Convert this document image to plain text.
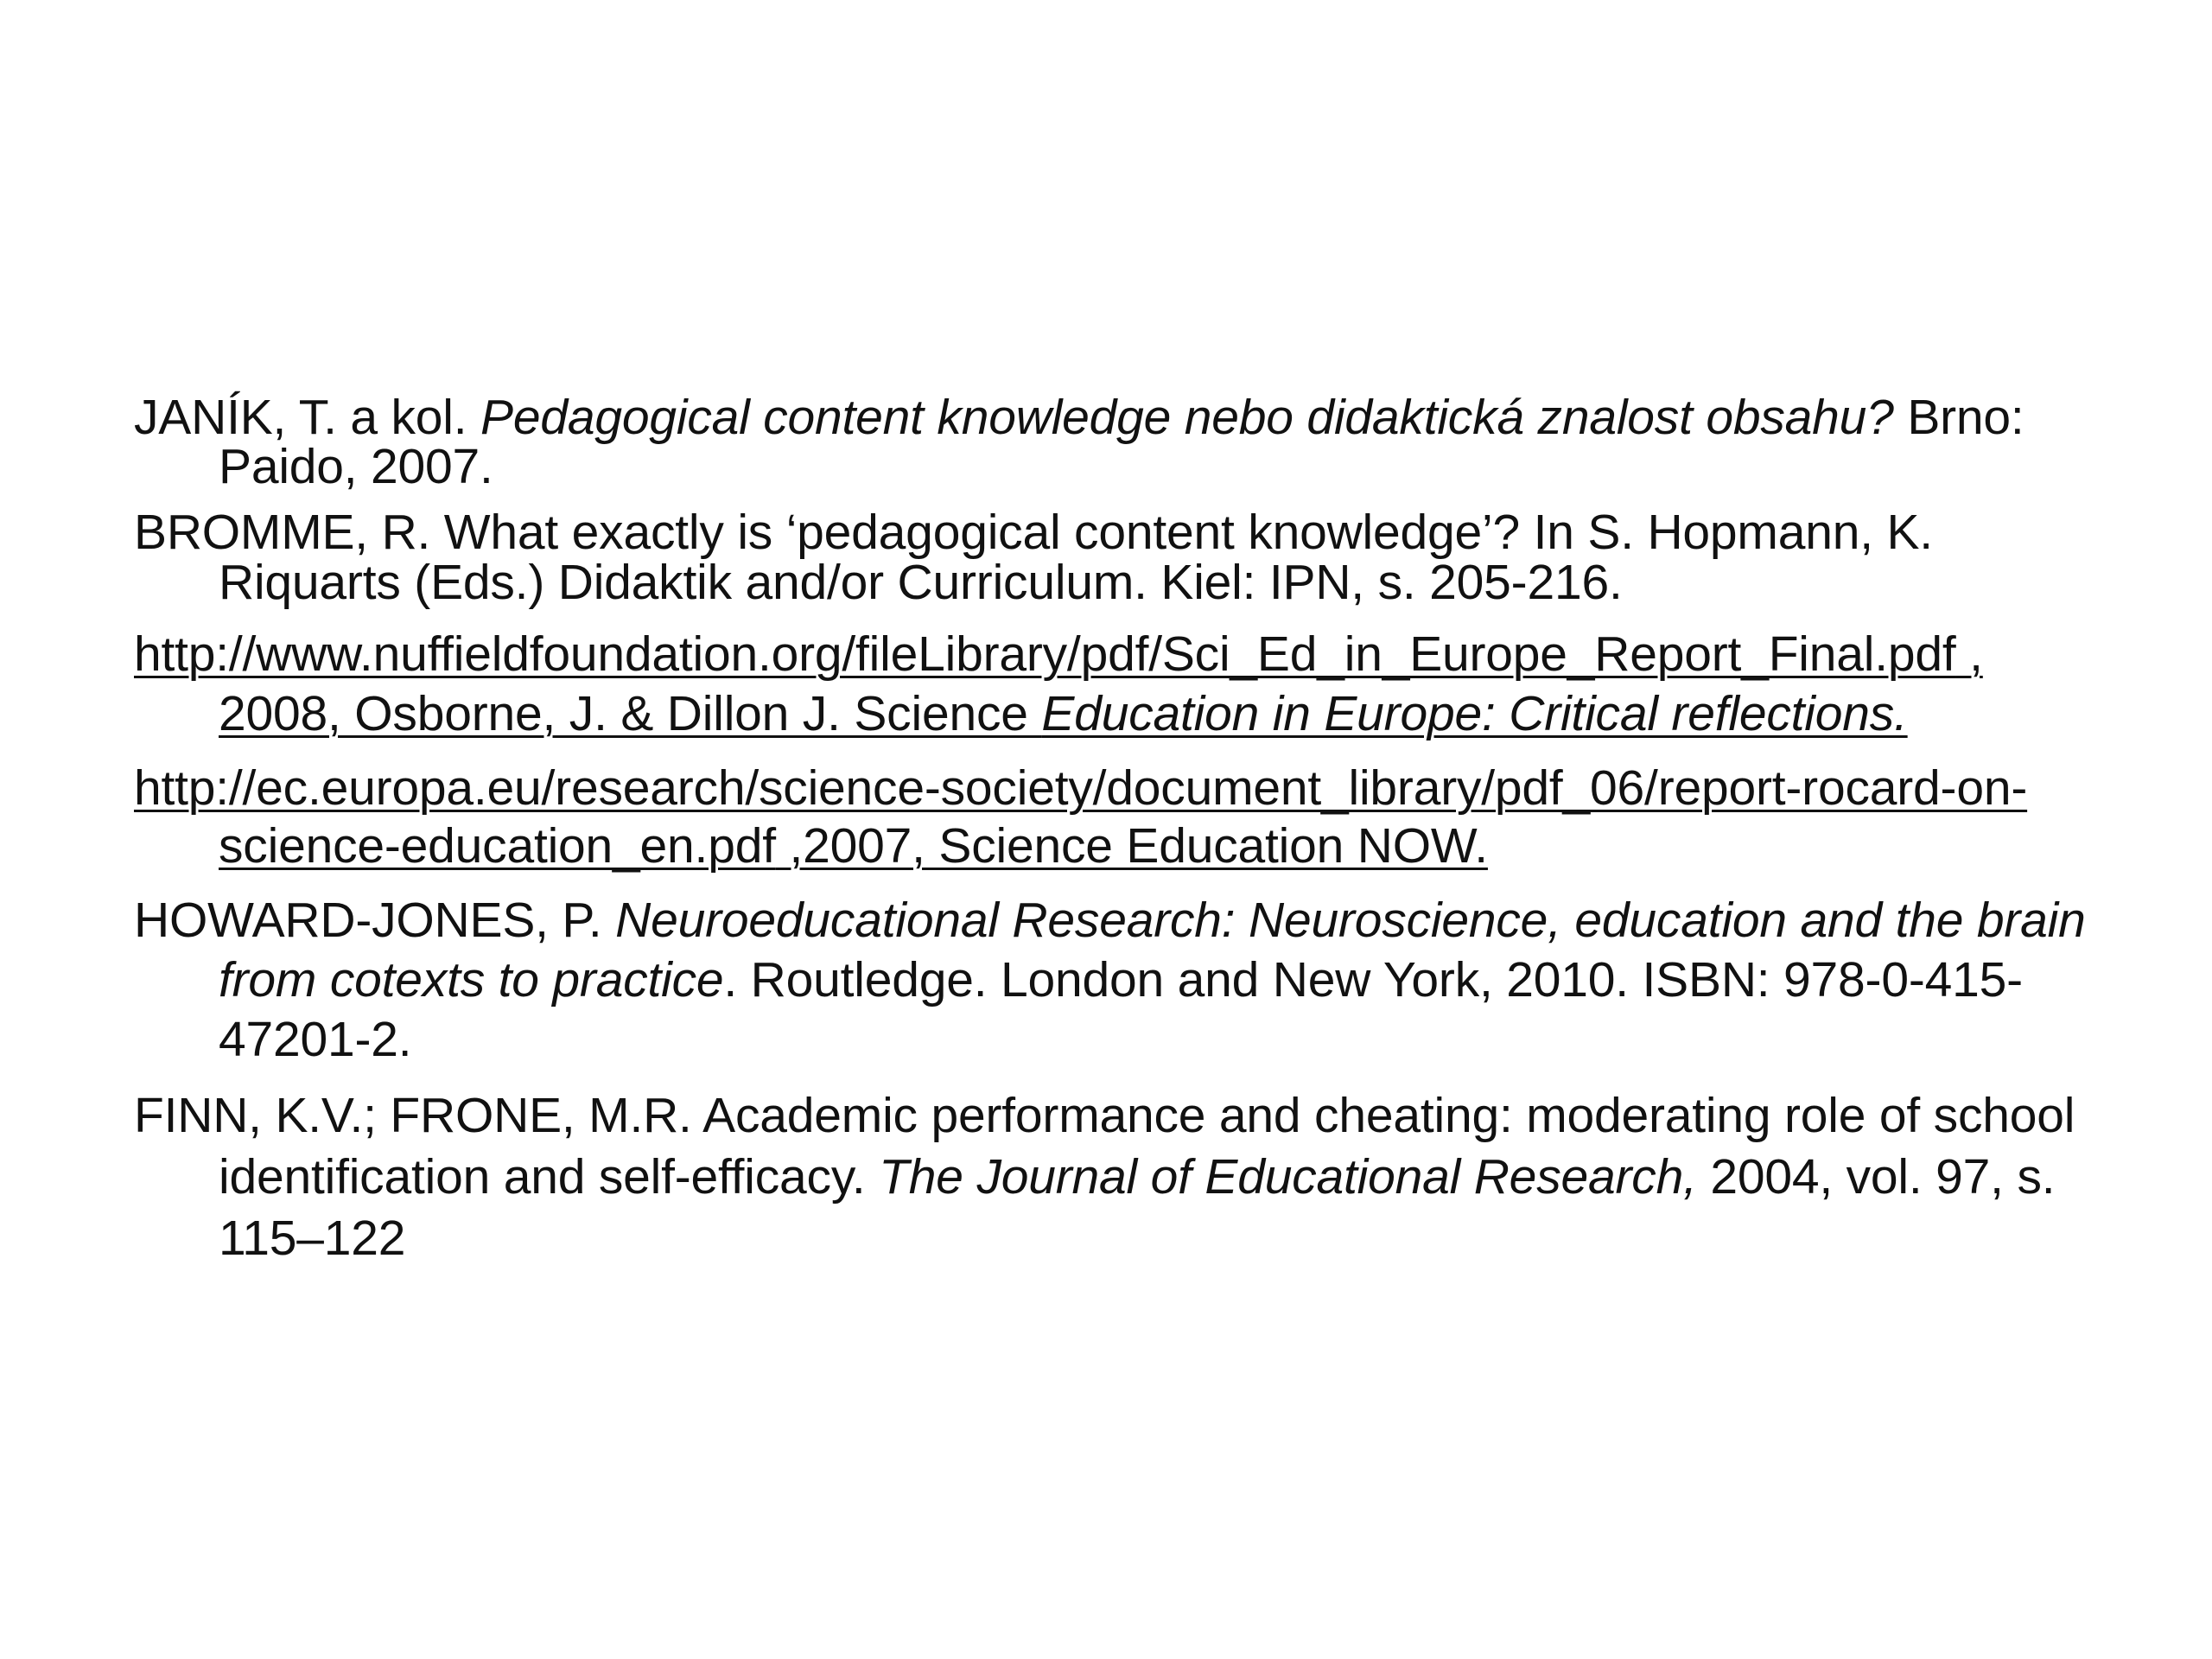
JANÍK, T. a kol. Pedagogical content knowledge nebo didaktická znalost obsahu? Brno: Paido, 2007.
BROMME, R. What exactly is ‘pedagogical content knowledge’? In S. Hopmann, K. Riquarts (Eds.) Didaktik and/or Curriculum. Kiel: IPN, s. 205-216.
http://www.nuffieldfoundation.org/fileLibrary/pdf/Sci_Ed_in_Europe_Report_Final.pdf , 2008, Osborne, J. & Dillon J. Science Education in Europe: Critical reflections.
http://ec.europa.eu/research/science-society/document_library/pdf_06/report-rocard-on-science-education_en.pdf ,2007, Science Education NOW.
HOWARD-JONES, P. Neuroeducational Research: Neuroscience, education and the brain from cotexts to practice. Routledge. London and New York, 2010. ISBN: 978-0-415-47201-2.
FINN, K.V.; FRONE, M.R. Academic performance and cheating: moderating role of school identification and self-efficacy. The Journal of Educational Research, 2004, vol. 97, s. 115–122
